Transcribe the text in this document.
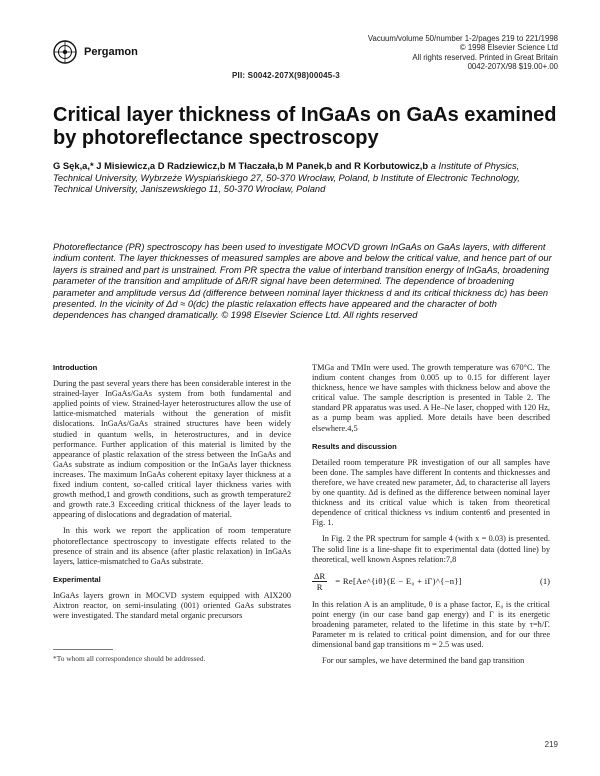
Pergamon
Vacuum/volume 50/number 1-2/pages 219 to 221/1998
© 1998 Elsevier Science Ltd
All rights reserved. Printed in Great Britain
0042-207X/98 $19.00+.00
PII: S0042-207X(98)00045-3
Critical layer thickness of InGaAs on GaAs examined by photoreflectance spectroscopy
G Sęk,a,* J Misiewicz,a D Radziewicz,b M Tłaczała,b M Panek,b and R Korbutowicz,b a Institute of Physics, Technical University, Wybrzeże Wyspiańskiego 27, 50-370 Wrocław, Poland, b Institute of Electronic Technology, Technical University, Janiszewskiego 11, 50-370 Wrocław, Poland

Photoreflectance (PR) spectroscopy has been used to investigate MOCVD grown InGaAs on GaAs layers, with different indium content. The layer thicknesses of measured samples are above and below the critical value, and hence part of our layers is strained and part is unstrained. From PR spectra the value of interband transition energy of InGaAs, broadening parameter of the transition and amplitude of ΔR/R signal have been determined. The dependence of broadening parameter and amplitude versus Δd (difference between nominal layer thickness d and its critical thickness dc) has been presented. In the vicinity of Δd ≈ 0(dc) the plastic relaxation effects have appeared and the character of both dependences has changed dramatically. © 1998 Elsevier Science Ltd. All rights reserved

Introduction

During the past several years there has been considerable interest in the strained-layer InGaAs/GaAs system from both fundamental and applied points of view. Strained-layer heterostructures allow the use of lattice-mismatched materials without the generation of misfit dislocations. InGaAs/GaAs strained structures have been widely studied in quantum wells, in heterostructures, and in device performance. Further application of this material is limited by the appearance of plastic relaxation of the stress between the InGaAs and GaAs substrate as indium composition or the InGaAs layer thickness increases. The maximum InGaAs coherent epitaxy layer thickness at a fixed indium content, so-called critical layer thickness varies with growth method,1 and growth conditions, such as growth temperature2 and growth rate.3 Exceeding critical thickness of the layer leads to appearing of dislocations and degradation of material.

In this work we report the application of room temperature photoreflectance spectroscopy to investigate effects related to the presence of strain and its absence (after plastic relaxation) in InGaAs layers, lattice-mismatched to GaAs substrate.

Experimental

InGaAs layers grown in MOCVD system equipped with AIX200 Aixtron reactor, on semi-insulating (001) oriented GaAs substrates were investigated. The standard metal organic precursors

*To whom all correspondence should be addressed.

TMGa and TMIn were used. The growth temperature was 670°C. The indium content changes from 0.005 up to 0.15 for different layer thickness, hence we have samples with thickness below and above the critical value. The sample description is presented in Table 2. The standard PR apparatus was used. A He–Ne laser, chopped with 120 Hz, as a pump beam was applied. More details have been described elsewhere.4,5

Results and discussion

Detailed room temperature PR investigation of our all samples have been done. The samples have different In contents and thicknesses and therefore, we have created new parameter, Δd, to characterise all layers by one quantity. Δd is defined as the difference between nominal layer thickness and its critical value which is taken from theoretical dependence of critical thickness vs indium content6 and presented in Fig. 1.

In Fig. 2 the PR spectrum for sample 4 (with x = 0.03) is presented. The solid line is a line-shape fit to experimental data (dotted line) by theoretical, well known Aspnes relation:7,8

$\frac{\Delta R}{R}$ = Re[Ae^{iθ}(E − E₀ + iΓ)^{−n}]	(1)

In this relation A is an amplitude, θ is a phase factor, E₀ is the critical point energy (in our case band gap energy) and Γ is its energetic broadening parameter, related to the lifetime in this state by τ=ħ/Γ. Parameter m is related to critical point dimension, and for our three dimensional band gap transitions m = 2.5 was used.

For our samples, we have determined the band gap transition

219
